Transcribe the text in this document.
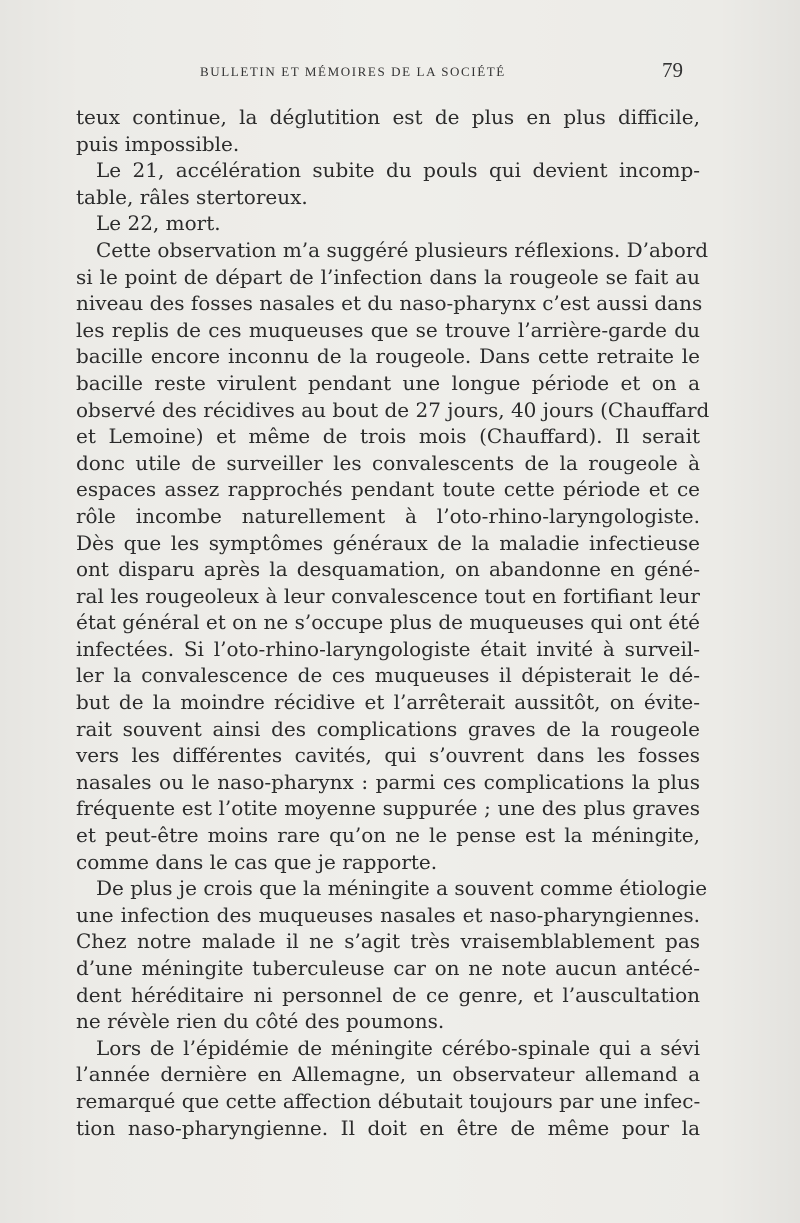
BULLETIN ET MÉMOIRES DE LA SOCIÉTÉ	79
teux continue, la déglutition est de plus en plus difficile,
puis impossible.
Le 21, accélération subite du pouls qui devient incomp-
table, râles stertoreux.
Le 22, mort.
Cette observation m’a suggéré plusieurs réflexions. D’abord
si le point de départ de l’infection dans la rougeole se fait au
niveau des fosses nasales et du naso-pharynx c’est aussi dans
les replis de ces muqueuses que se trouve l’arrière-garde du
bacille encore inconnu de la rougeole. Dans cette retraite le
bacille reste virulent pendant une longue période et on a
observé des récidives au bout de 27 jours, 40 jours (Chauffard
et Lemoine) et même de trois mois (Chauffard). Il serait
donc utile de surveiller les convalescents de la rougeole à
espaces assez rapprochés pendant toute cette période et ce
rôle incombe naturellement à l’oto-rhino-laryngologiste.
Dès que les symptômes généraux de la maladie infectieuse
ont disparu après la desquamation, on abandonne en géné-
ral les rougeoleux à leur convalescence tout en fortifiant leur
état général et on ne s’occupe plus de muqueuses qui ont été
infectées. Si l’oto-rhino-laryngologiste était invité à surveil-
ler la convalescence de ces muqueuses il dépisterait le dé-
but de la moindre récidive et l’arrêterait aussitôt, on évite-
rait souvent ainsi des complications graves de la rougeole
vers les différentes cavités, qui s’ouvrent dans les fosses
nasales ou le naso-pharynx : parmi ces complications la plus
fréquente est l’otite moyenne suppurée ; une des plus graves
et peut-être moins rare qu’on ne le pense est la méningite,
comme dans le cas que je rapporte.
De plus je crois que la méningite a souvent comme étiologie
une infection des muqueuses nasales et naso-pharyngiennes.
Chez notre malade il ne s’agit très vraisemblablement pas
d’une méningite tuberculeuse car on ne note aucun antécé-
dent héréditaire ni personnel de ce genre, et l’auscultation
ne révèle rien du côté des poumons.
Lors de l’épidémie de méningite cérébo-spinale qui a sévi
l’année dernière en Allemagne, un observateur allemand a
remarqué que cette affection débutait toujours par une infec-
tion naso-pharyngienne. Il doit en être de même pour la
